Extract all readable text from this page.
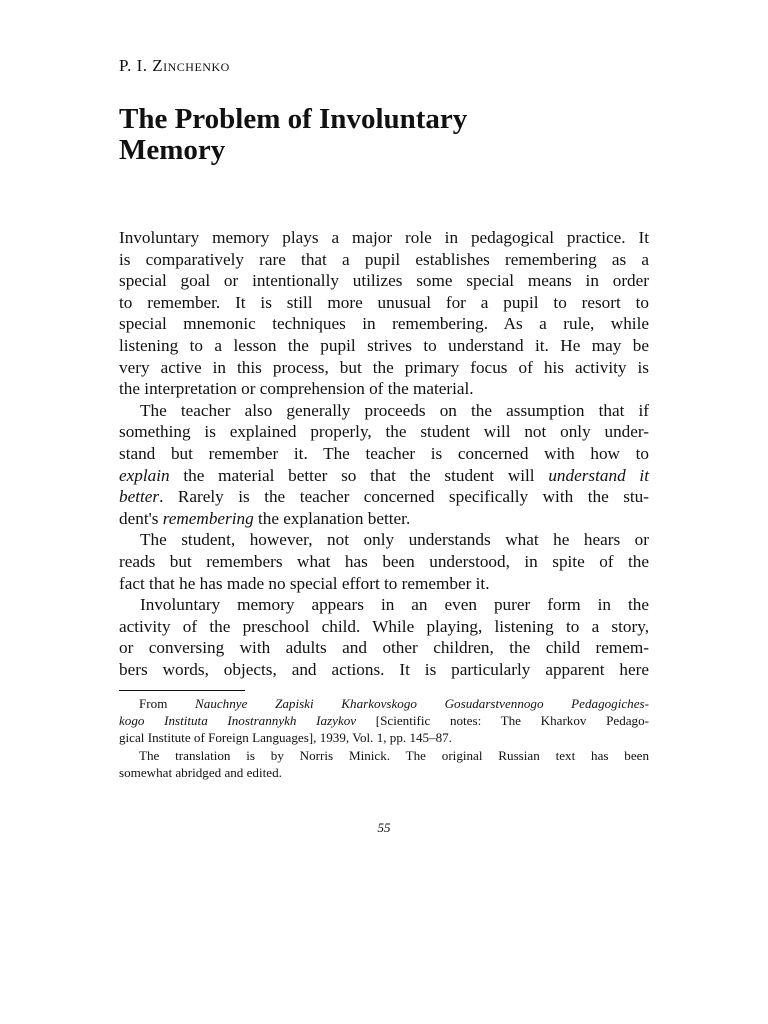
P. I. Zinchenko
The Problem of Involuntary
Memory
Involuntary memory plays a major role in pedagogical practice. It
is comparatively rare that a pupil establishes remembering as a
special goal or intentionally utilizes some special means in order
to remember. It is still more unusual for a pupil to resort to
special mnemonic techniques in remembering. As a rule, while
listening to a lesson the pupil strives to understand it. He may be
very active in this process, but the primary focus of his activity is
the interpretation or comprehension of the material.
The teacher also generally proceeds on the assumption that if
something is explained properly, the student will not only under-
stand but remember it. The teacher is concerned with how to
explain the material better so that the student will understand it
better. Rarely is the teacher concerned specifically with the stu-
dent's remembering the explanation better.
The student, however, not only understands what he hears or
reads but remembers what has been understood, in spite of the
fact that he has made no special effort to remember it.
Involuntary memory appears in an even purer form in the
activity of the preschool child. While playing, listening to a story,
or conversing with adults and other children, the child remem-
bers words, objects, and actions. It is particularly apparent here
From Nauchnye Zapiski Kharkovskogo Gosudarstvennogo Pedagogiches-
kogo Instituta Inostrannykh Iazykov [Scientific notes: The Kharkov Pedago-
gical Institute of Foreign Languages], 1939, Vol. 1, pp. 145–87.
The translation is by Norris Minick. The original Russian text has been
somewhat abridged and edited.
55
